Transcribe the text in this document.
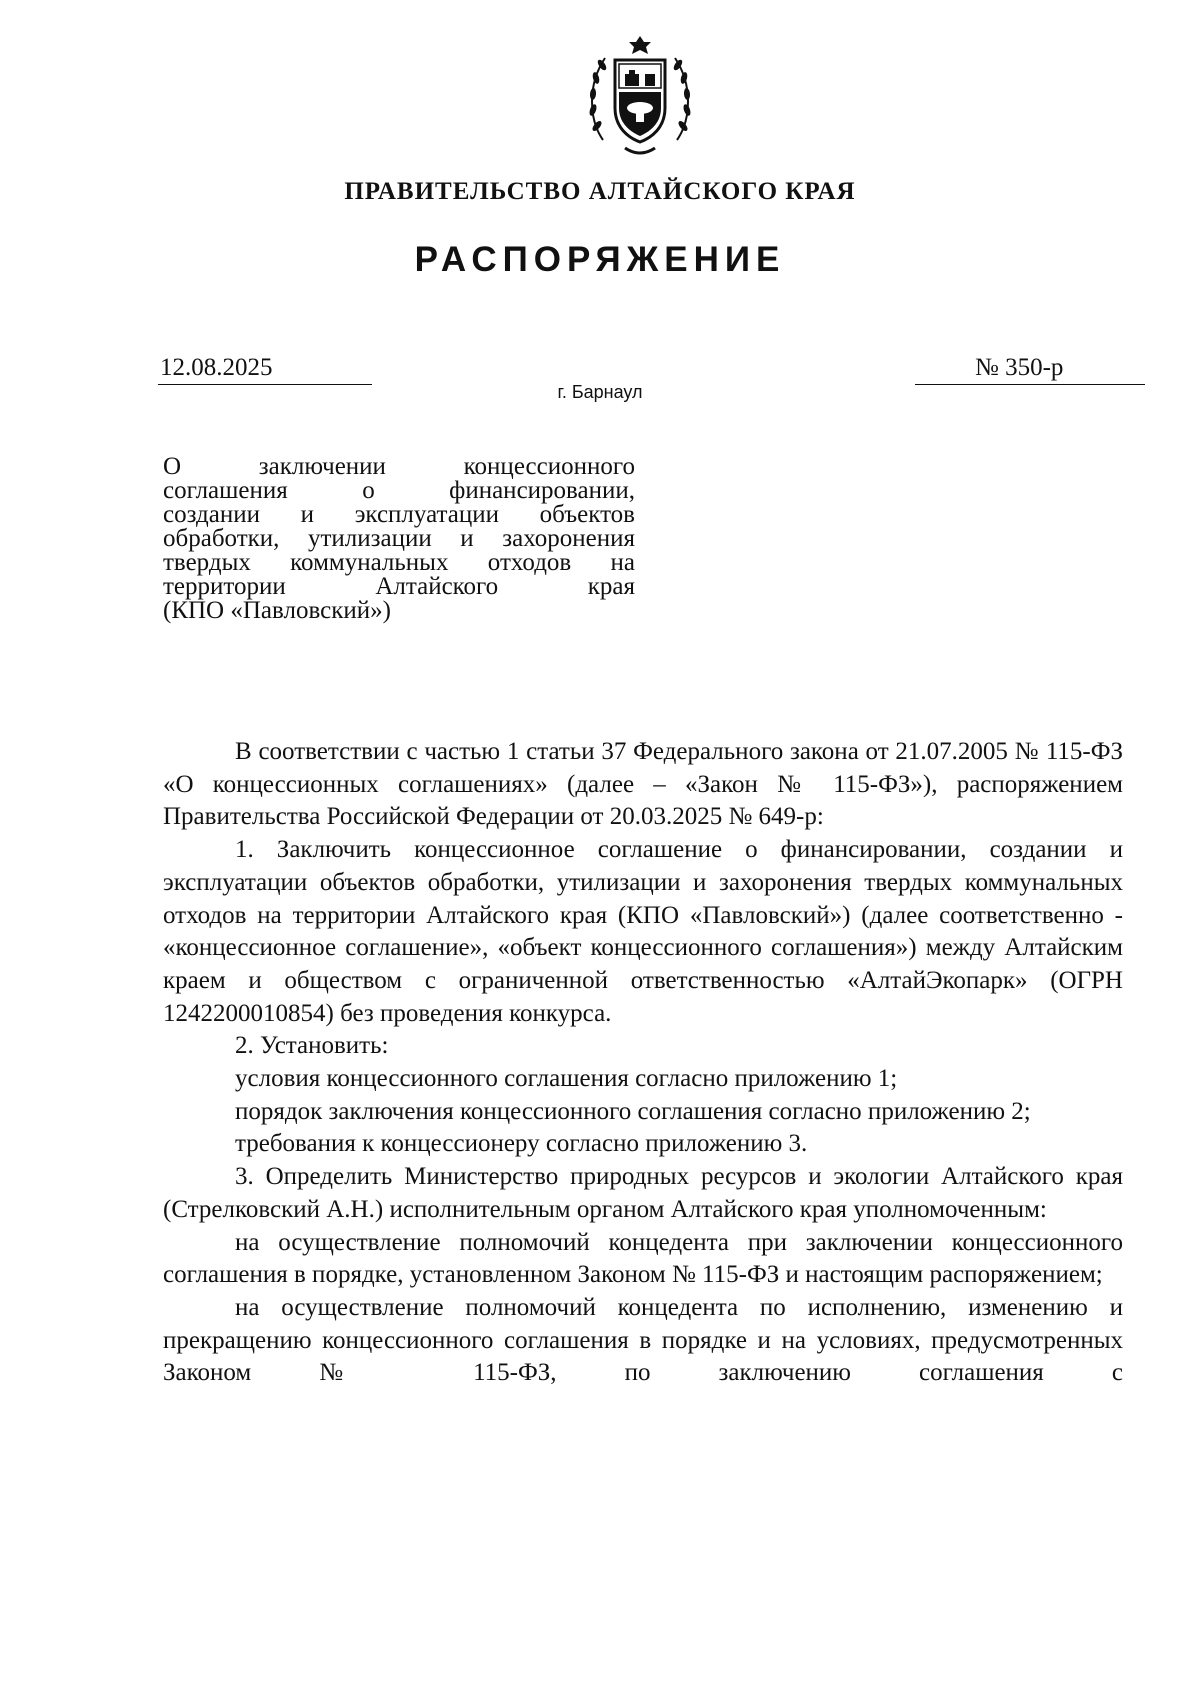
ПРАВИТЕЛЬСТВО АЛТАЙСКОГО КРАЯ
РАСПОРЯЖЕНИЕ
12.08.2025	№ 350-р
г. Барнаул
О заключении концессионного
соглашения о финансировании,
создании и эксплуатации объектов
обработки, утилизации и захоронения
твердых коммунальных отходов на
территории Алтайского края
(КПО «Павловский»)

В соответствии с частью 1 статьи 37 Федерального закона от 21.07.2005 № 115-ФЗ «О концессионных соглашениях» (далее – «Закон № 115-ФЗ»), распоряжением Правительства Российской Федерации от 20.03.2025 № 649-р:

1. Заключить концессионное соглашение о финансировании, создании и эксплуатации объектов обработки, утилизации и захоронения твердых коммунальных отходов на территории Алтайского края (КПО «Павловский») (далее соответственно - «концессионное соглашение», «объект концессионного соглашения») между Алтайским краем и обществом с ограниченной ответственностью «АлтайЭкопарк» (ОГРН 1242200010854) без проведения конкурса.

2. Установить:

условия концессионного соглашения согласно приложению 1;

порядок заключения концессионного соглашения согласно приложению 2;

требования к концессионеру согласно приложению 3.

3. Определить Министерство природных ресурсов и экологии Алтайского края (Стрелковский А.Н.) исполнительным органом Алтайского края уполномоченным:

на осуществление полномочий концедента при заключении концессионного соглашения в порядке, установленном Законом № 115-ФЗ и настоящим распоряжением;

на осуществление полномочий концедента по исполнению, изменению и прекращению концессионного соглашения в порядке и на условиях, предусмотренных Законом № 115-ФЗ, по заключению соглашения с
